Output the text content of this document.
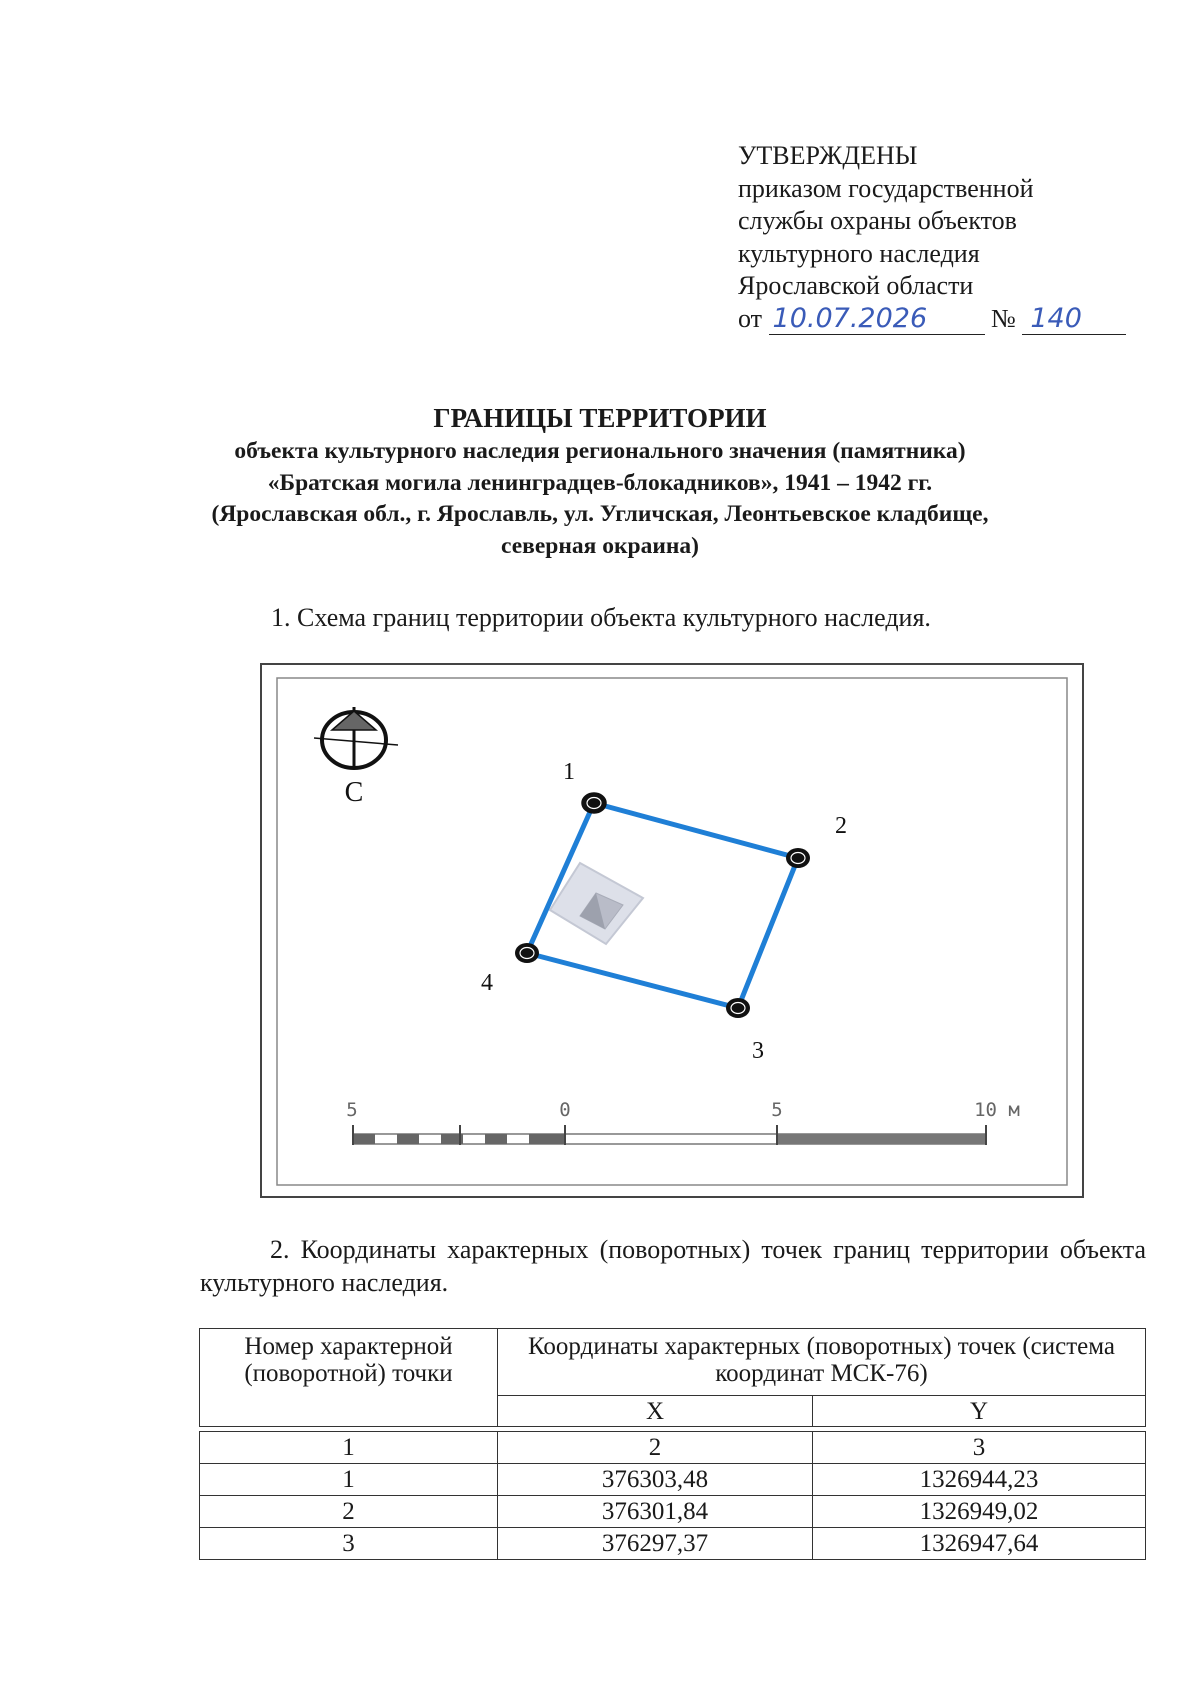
УТВЕРЖДЕНЫ
приказом государственной
службы охраны объектов
культурного наследия
Ярославской области
от 10.07.2026 № 140
ГРАНИЦЫ ТЕРРИТОРИИ
объекта культурного наследия регионального значения (памятника)
«Братская могила ленинградцев-блокадников», 1941 – 1942 гг.
(Ярославская обл., г. Ярославль, ул. Угличская, Леонтьевское кладбище,
северная окраина)
1. Схема границ территории объекта культурного наследия.
С
1
2
3
4
5	0	5	10 м
2. Координаты характерных (поворотных) точек границ территории объекта культурного наследия.
Номер характерной (поворотной) точки	Координаты характерных (поворотных) точек (система координат МСК-76)	
	X	Y

1	2	3
1	376303,48	1326944,23
2	376301,84	1326949,02
3	376297,37	1326947,64
